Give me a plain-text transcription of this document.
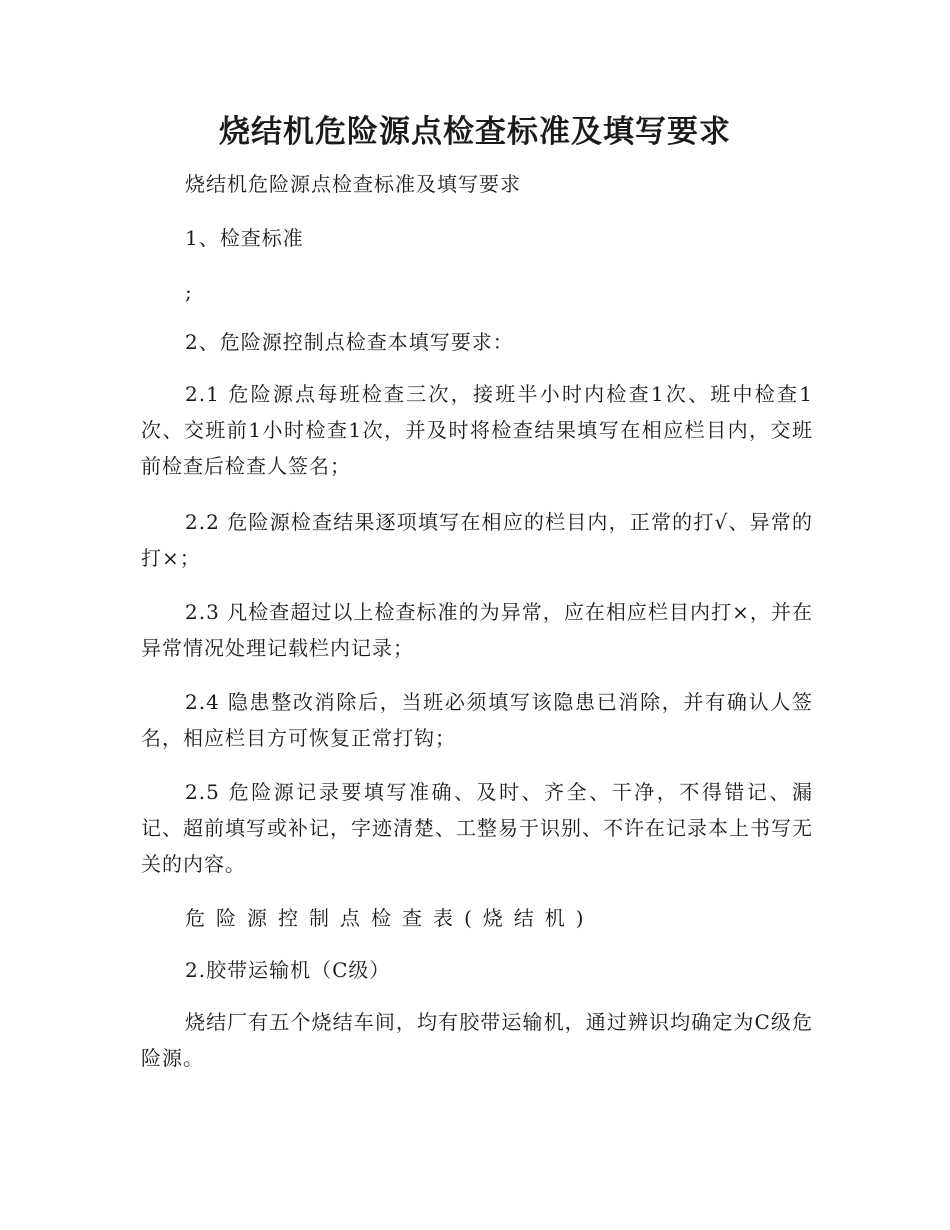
烧结机危险源点检查标准及填写要求

烧结机危险源点检查标准及填写要求

1、检查标准

;

2、危险源控制点检查本填写要求：

2.1 危险源点每班检查三次，接班半小时内检查1次、班中检查1次、交班前1小时检查1次，并及时将检查结果填写在相应栏目内，交班前检查后检查人签名；

2.2 危险源检查结果逐项填写在相应的栏目内，正常的打√、异常的打×；

2.3 凡检查超过以上检查标准的为异常，应在相应栏目内打×，并在异常情况处理记载栏内记录；

2.4 隐患整改消除后，当班必须填写该隐患已消除，并有确认人签名，相应栏目方可恢复正常打钩；

2.5 危险源记录要填写准确、及时、齐全、干净，不得错记、漏记、超前填写或补记，字迹清楚、工整易于识别、不许在记录本上书写无关的内容。

危险源控制点检查表(烧结机)

2.胶带运输机（C级）

烧结厂有五个烧结车间，均有胶带运输机，通过辨识均确定为C级危险源。
